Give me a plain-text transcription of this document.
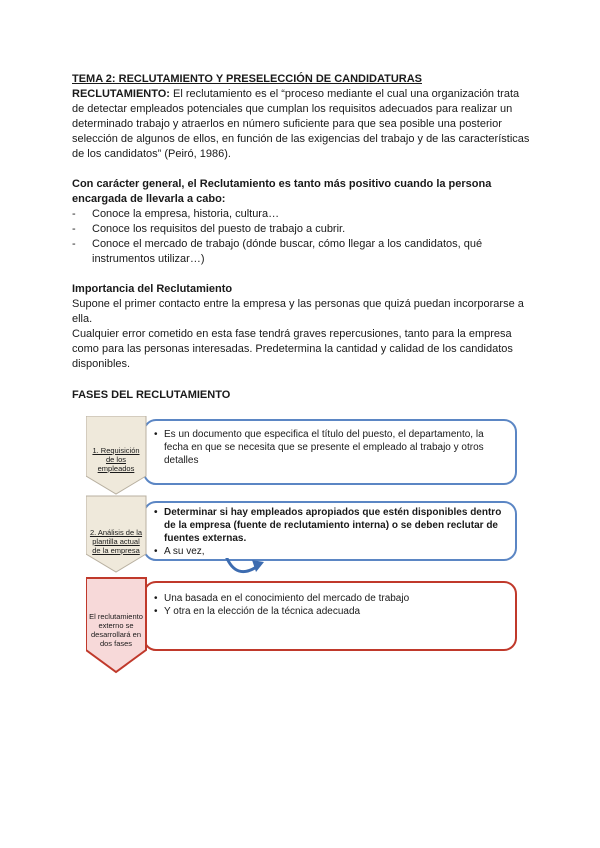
TEMA 2: RECLUTAMIENTO Y PRESELECCIÓN DE CANDIDATURAS

RECLUTAMIENTO: El reclutamiento es el “proceso mediante el cual una organización trata de detectar empleados potenciales que cumplan los requisitos adecuados para realizar un determinado trabajo y atraerlos en número suficiente para que sea posible una posterior selección de algunos de ellos, en función de las exigencias del trabajo y de las características de los candidatos” (Peiró, 1986).

Con carácter general, el Reclutamiento es tanto más positivo cuando la persona encargada de llevarla a cabo:

- Conoce la empresa, historia, cultura…
- Conoce los requisitos del puesto de trabajo a cubrir.
- Conoce el mercado de trabajo (dónde buscar, cómo llegar a los candidatos, qué instrumentos utilizar…)

Importancia del Reclutamiento

Supone el primer contacto entre la empresa y las personas que quizá puedan incorporarse a ella.

Cualquier error cometido en esta fase tendrá graves repercusiones, tanto para la empresa como para las personas interesadas. Predetermina la cantidad y calidad de los candidatos disponibles.

FASES DEL RECLUTAMIENTO

1. Requisición de los empleados
2. Análisis de la plantilla actual de la empresa
El reclutamiento externo se desarrollará en dos fases
• Es un documento que especifica el título del puesto, el departamento, la fecha en que se necesita que se presente el empleado al trabajo y otros detalles
• Determinar si hay empleados apropiados que estén disponibles dentro de la empresa (fuente de reclutamiento interna) o se deben reclutar de fuentes externas.
• A su vez,
• Una basada en el conocimiento del mercado de trabajo
• Y otra en la elección de la técnica adecuada
